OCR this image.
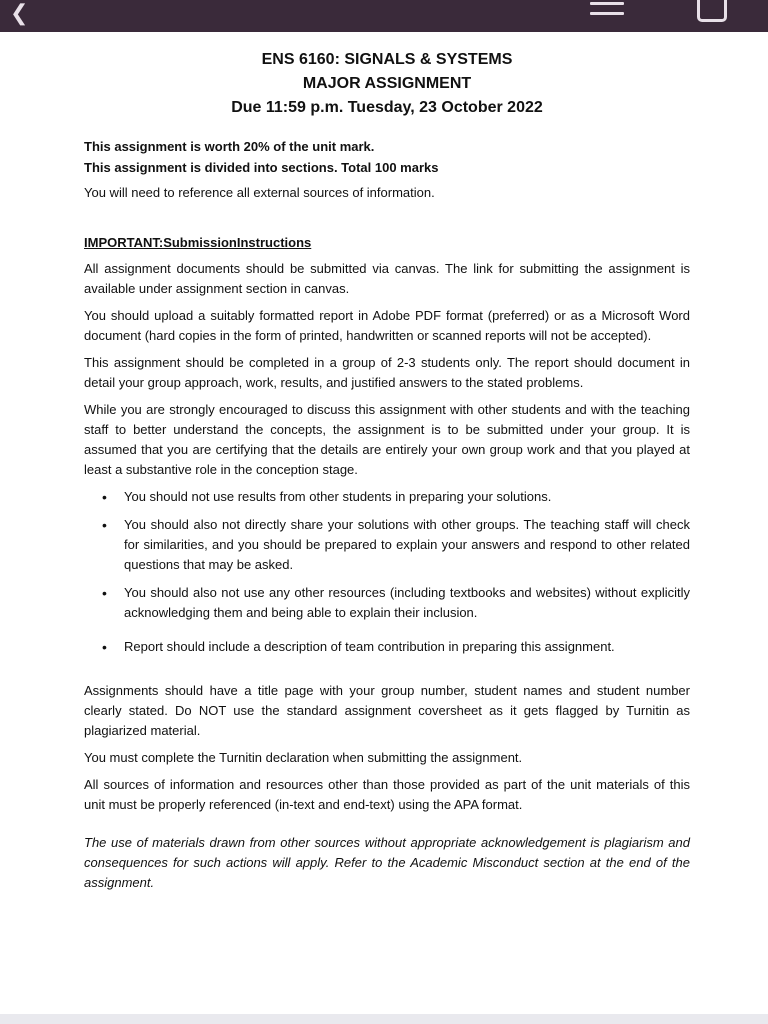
❮
ENS 6160: SIGNALS & SYSTEMS
MAJOR ASSIGNMENT
Due 11:59 p.m. Tuesday, 23 October 2022

This assignment is worth 20% of the unit mark.

This assignment is divided into sections. Total 100 marks

You will need to reference all external sources of information.

IMPORTANT:SubmissionInstructions

All assignment documents should be submitted via canvas. The link for submitting the assignment is available under assignment section in canvas.

You should upload a suitably formatted report in Adobe PDF format (preferred) or as a Microsoft Word document (hard copies in the form of printed, handwritten or scanned reports will not be accepted).

This assignment should be completed in a group of 2-3 students only. The report should document in detail your group approach, work, results, and justified answers to the stated problems.

While you are strongly encouraged to discuss this assignment with other students and with the teaching staff to better understand the concepts, the assignment is to be submitted under your group. It is assumed that you are certifying that the details are entirely your own group work and that you played at least a substantive role in the conception stage.

• You should not use results from other students in preparing your solutions.
• You should also not directly share your solutions with other groups. The teaching staff will check for similarities, and you should be prepared to explain your answers and respond to other related questions that may be asked.
• You should also not use any other resources (including textbooks and websites) without explicitly acknowledging them and being able to explain their inclusion.
• Report should include a description of team contribution in preparing this assignment.

Assignments should have a title page with your group number, student names and student number clearly stated. Do NOT use the standard assignment coversheet as it gets flagged by Turnitin as plagiarized material.

You must complete the Turnitin declaration when submitting the assignment.

All sources of information and resources other than those provided as part of the unit materials of this unit must be properly referenced (in-text and end-text) using the APA format.

The use of materials drawn from other sources without appropriate acknowledgement is plagiarism and consequences for such actions will apply. Refer to the Academic Misconduct section at the end of the assignment.
